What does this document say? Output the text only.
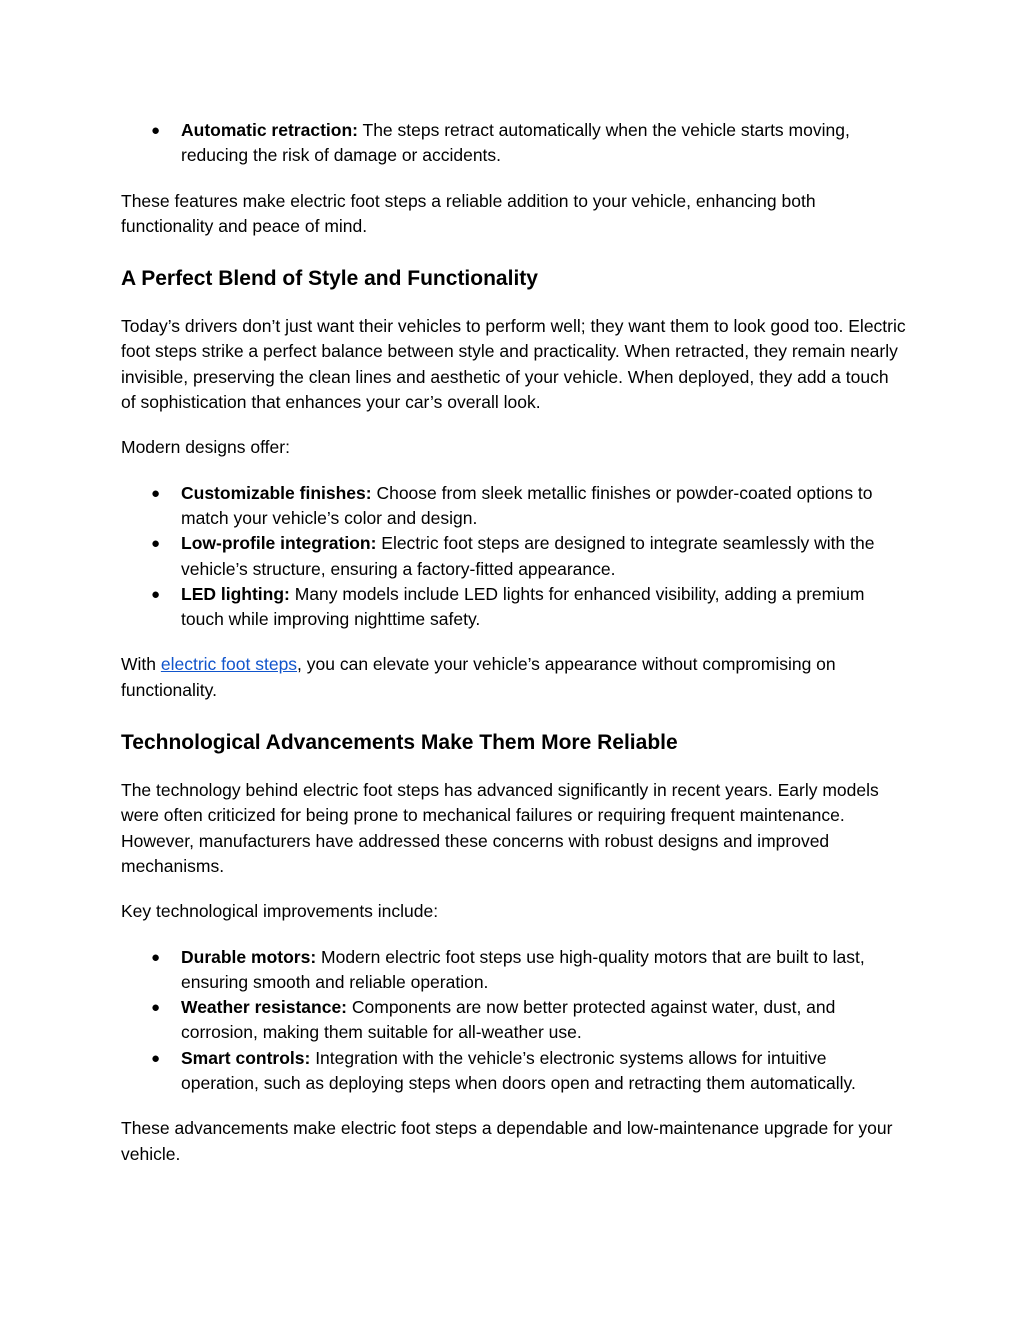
● Automatic retraction: The steps retract automatically when the vehicle starts moving, reducing the risk of damage or accidents.

These features make electric foot steps a reliable addition to your vehicle, enhancing both functionality and peace of mind.

A Perfect Blend of Style and Functionality

Today’s drivers don’t just want their vehicles to perform well; they want them to look good too. Electric foot steps strike a perfect balance between style and practicality. When retracted, they remain nearly invisible, preserving the clean lines and aesthetic of your vehicle. When deployed, they add a touch of sophistication that enhances your car’s overall look.

Modern designs offer:

● Customizable finishes: Choose from sleek metallic finishes or powder-coated options to match your vehicle’s color and design.
● Low-profile integration: Electric foot steps are designed to integrate seamlessly with the vehicle’s structure, ensuring a factory-fitted appearance.
● LED lighting: Many models include LED lights for enhanced visibility, adding a premium touch while improving nighttime safety.

With electric foot steps, you can elevate your vehicle’s appearance without compromising on functionality.

Technological Advancements Make Them More Reliable

The technology behind electric foot steps has advanced significantly in recent years. Early models were often criticized for being prone to mechanical failures or requiring frequent maintenance. However, manufacturers have addressed these concerns with robust designs and improved mechanisms.

Key technological improvements include:

● Durable motors: Modern electric foot steps use high-quality motors that are built to last, ensuring smooth and reliable operation.
● Weather resistance: Components are now better protected against water, dust, and corrosion, making them suitable for all-weather use.
● Smart controls: Integration with the vehicle’s electronic systems allows for intuitive operation, such as deploying steps when doors open and retracting them automatically.

These advancements make electric foot steps a dependable and low-maintenance upgrade for your vehicle.
